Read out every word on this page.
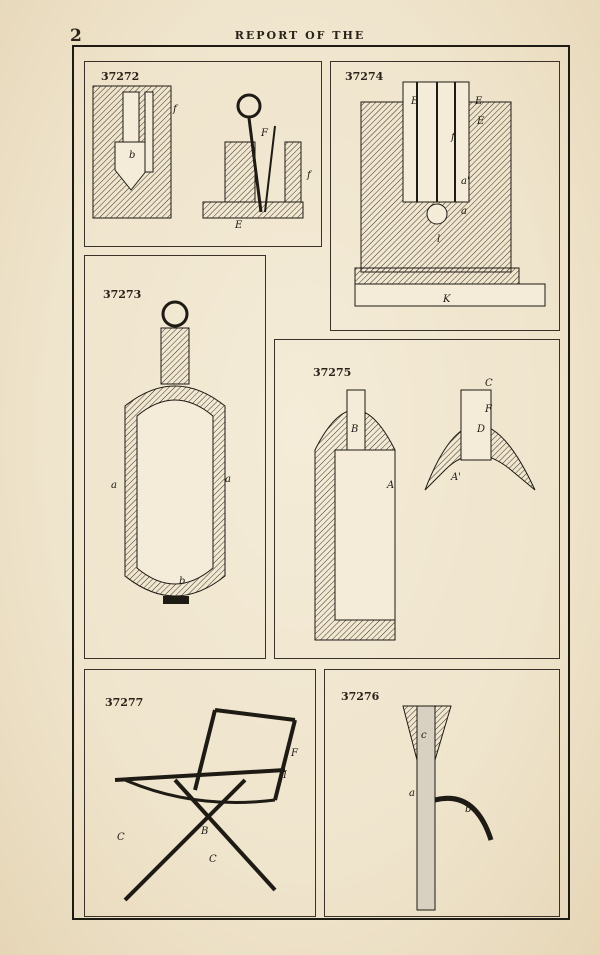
2	REPORT OF THE
37272
f
b
F
f
E
37274
E	E
E
f
a'
a
l
K
37273
a
a
b
37275
B
A
C
F
D
A'
37277
F
I
B
C
C
37276
c
a
b
